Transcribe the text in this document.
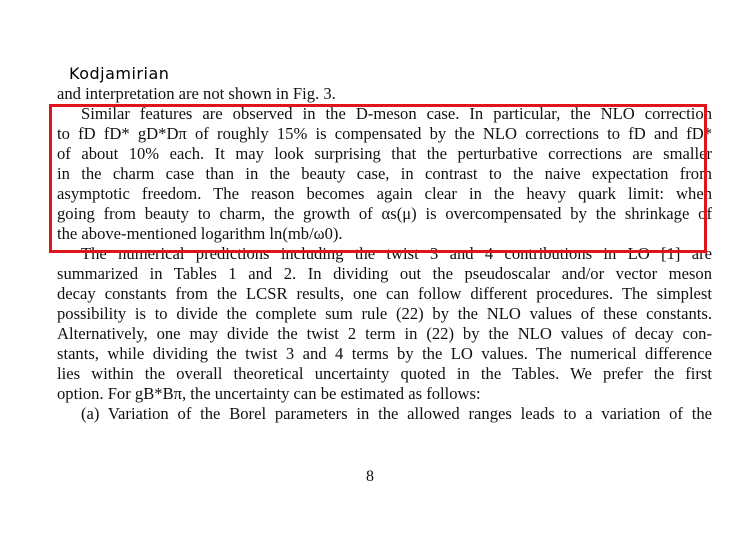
Kodjamirian
and interpretation are not shown in Fig. 3.
Similar features are observed in the D-meson case. In particular, the NLO correction
to fD fD* gD*Dπ of roughly 15% is compensated by the NLO corrections to fD and fD*
of about 10% each. It may look surprising that the perturbative corrections are smaller
in the charm case than in the beauty case, in contrast to the naive expectation from
asymptotic freedom. The reason becomes again clear in the heavy quark limit: when
going from beauty to charm, the growth of αs(μ) is overcompensated by the shrinkage of
the above-mentioned logarithm ln(mb/ω0).
The numerical predictions including the twist 3 and 4 contributions in LO [1] are
summarized in Tables 1 and 2. In dividing out the pseudoscalar and/or vector meson
decay constants from the LCSR results, one can follow different procedures. The simplest
possibility is to divide the complete sum rule (22) by the NLO values of these constants.
Alternatively, one may divide the twist 2 term in (22) by the NLO values of decay con-
stants, while dividing the twist 3 and 4 terms by the LO values. The numerical difference
lies within the overall theoretical uncertainty quoted in the Tables. We prefer the first
option. For gB*Bπ, the uncertainty can be estimated as follows:
(a) Variation of the Borel parameters in the allowed ranges leads to a variation of the
8
